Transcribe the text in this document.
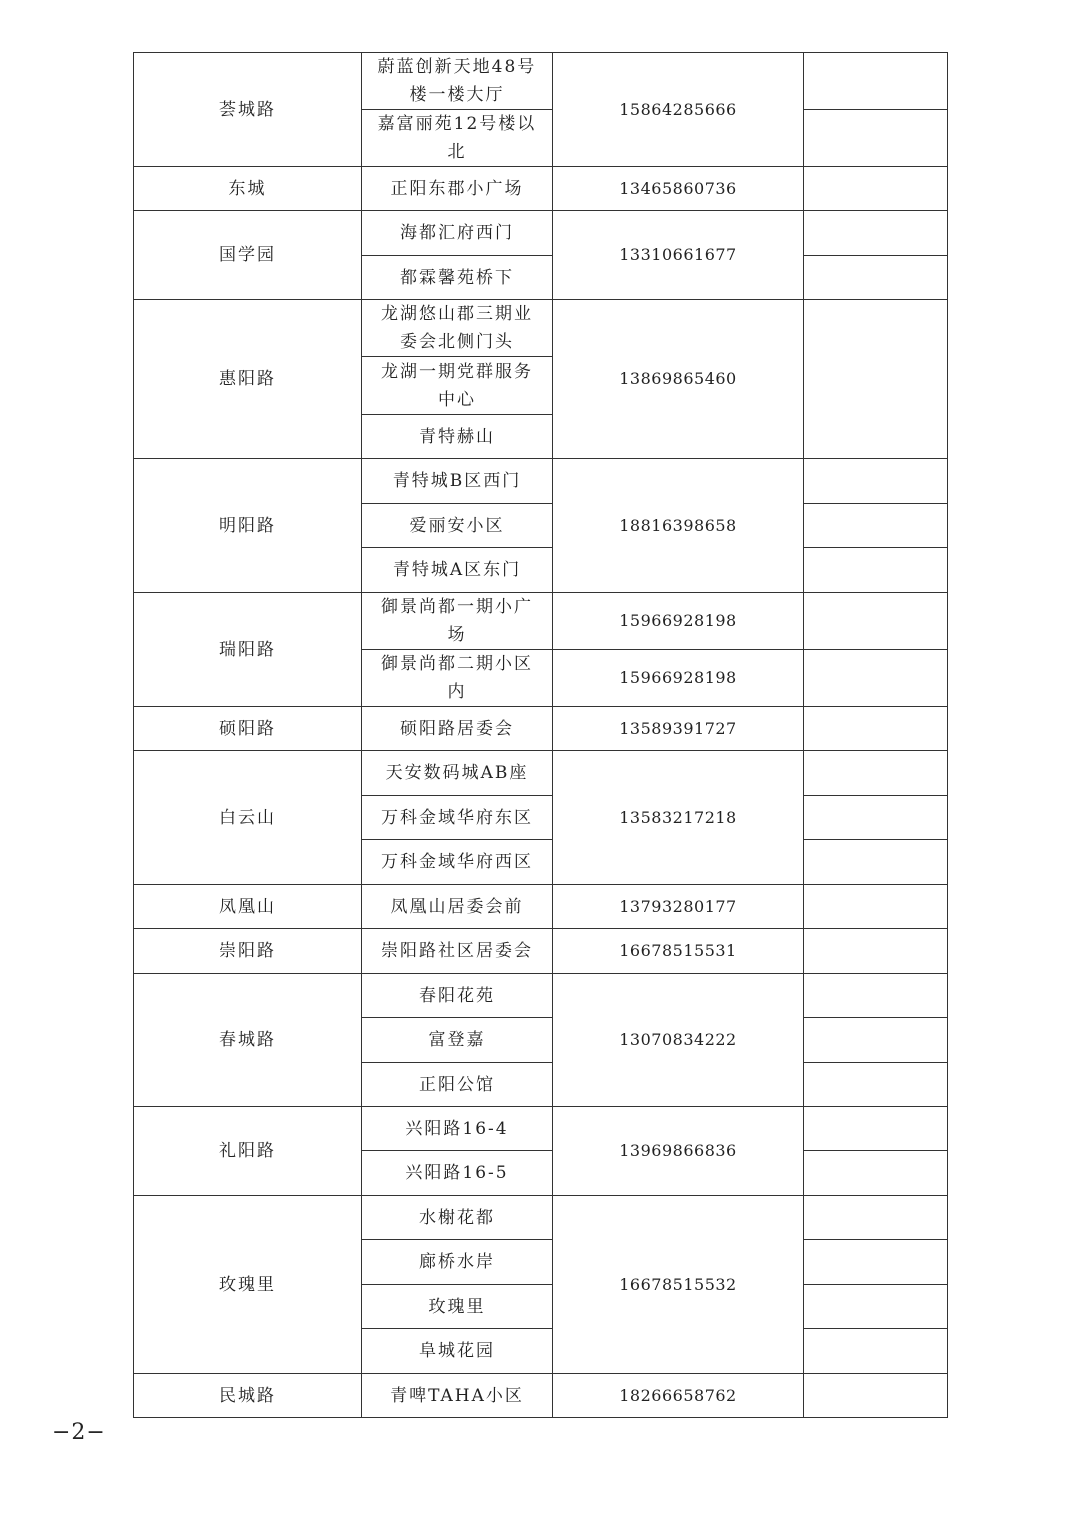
荟城路	蔚蓝创新天地48号楼一楼大厅	15864285666	
	嘉富丽苑12号楼以北		
东城	正阳东郡小广场	13465860736	
国学园	海都汇府西门	13310661677	
	都霖馨苑桥下		
惠阳路	龙湖悠山郡三期业委会北侧门头	13869865460	
	龙湖一期党群服务中心		
	青特赫山		
明阳路	青特城B区西门	18816398658	
	爱丽安小区		
	青特城A区东门		
瑞阳路	御景尚都一期小广场	15966928198	
	御景尚都二期小区内	15966928198	
硕阳路	硕阳路居委会	13589391727	
白云山	天安数码城AB座	13583217218	
	万科金域华府东区		
	万科金域华府西区		
凤凰山	凤凰山居委会前	13793280177	
崇阳路	崇阳路社区居委会	16678515531	
春城路	春阳花苑	13070834222	
	富登嘉		
	正阳公馆		
礼阳路	兴阳路16-4	13969866836	
	兴阳路16-5		
玫瑰里	水榭花都	16678515532	
	廊桥水岸		
	玫瑰里		
	阜城花园		
民城路	青啤TAHA小区	18266658762	
−2−
